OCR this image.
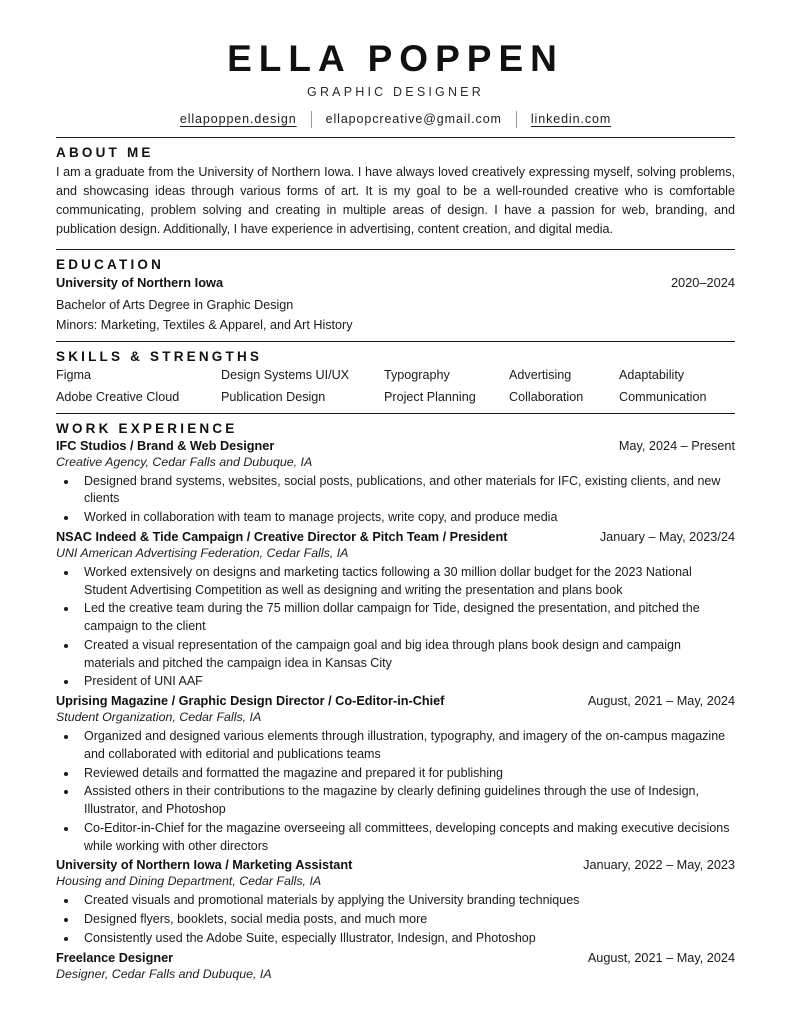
ELLA POPPEN
GRAPHIC DESIGNER
ellapoppen.design	ellapopcreative@gmail.com	linkedin.com
ABOUT ME

I am a graduate from the University of Northern Iowa. I have always loved creatively expressing myself, solving problems, and showcasing ideas through various forms of art. It is my goal to be a well-rounded creative who is comfortable communicating, problem solving and creating in multiple areas of design. I have a passion for web, branding, and publication design. Additionally, I have experience in advertising, content creation, and digital media.

EDUCATION
University of Northern Iowa	2020–2024
Bachelor of Arts Degree in Graphic Design
Minors: Marketing, Textiles & Apparel, and Art History
SKILLS & STRENGTHS
Figma	Design Systems UI/UX	Typography	Advertising	Adaptability
Adobe Creative Cloud	Publication Design	Project Planning	Collaboration	Communication
WORK EXPERIENCE
IFC Studios / Brand & Web Designer	May, 2024 – Present
Creative Agency, Cedar Falls and Dubuque, IA
• Designed brand systems, websites, social posts, publications, and other materials for IFC, existing clients, and new clients
• Worked in collaboration with team to manage projects, write copy, and produce media
NSAC Indeed & Tide Campaign / Creative Director & Pitch Team / President	January – May, 2023/24
UNI American Advertising Federation, Cedar Falls, IA
• Worked extensively on designs and marketing tactics following a 30 million dollar budget for the 2023 National Student Advertising Competition as well as designing and writing the presentation and plans book
• Led the creative team during the 75 million dollar campaign for Tide, designed the presentation, and pitched the campaign to the client
• Created a visual representation of the campaign goal and big idea through plans book design and campaign materials and pitched the campaign idea in Kansas City
• President of UNI AAF
Uprising Magazine / Graphic Design Director / Co-Editor-in-Chief	August, 2021 – May, 2024
Student Organization, Cedar Falls, IA
• Organized and designed various elements through illustration, typography, and imagery of the on-campus magazine and collaborated with editorial and publications teams
• Reviewed details and formatted the magazine and prepared it for publishing
• Assisted others in their contributions to the magazine by clearly defining guidelines through the use of Indesign, Illustrator, and Photoshop
• Co-Editor-in-Chief for the magazine overseeing all committees, developing concepts and making executive decisions while working with other directors
University of Northern Iowa / Marketing Assistant	January, 2022 – May, 2023
Housing and Dining Department, Cedar Falls, IA
• Created visuals and promotional materials by applying the University branding techniques
• Designed flyers, booklets, social media posts, and much more
• Consistently used the Adobe Suite, especially Illustrator, Indesign, and Photoshop
Freelance Designer	August, 2021 – May, 2024
Designer, Cedar Falls and Dubuque, IA
